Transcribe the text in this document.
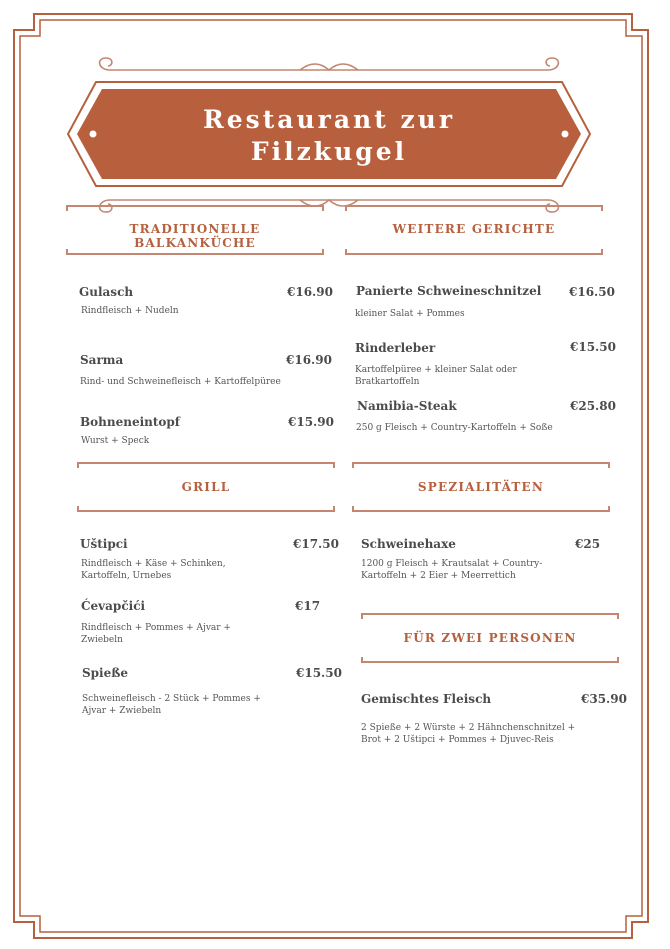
Restaurant zur
Filzkugel
TRADITIONELLE BALKANKÜCHE
Gulasch	€16.90
Rindfleisch + Nudeln
Sarma	€16.90
Rind- und Schweinefleisch + Kartoffelpüree
Bohneneintopf	€15.90
Wurst + Speck
WEITERE GERICHTE
Panierte Schweineschnitzel €16.50
kleiner Salat + Pommes
Rinderleber	€15.50
Kartoffelpüree + kleiner Salat oder
Bratkartoffeln
Namibia-Steak	€25.80
250 g Fleisch + Country-Kartoffeln + Soße
GRILL
Uštipci	€17.50
Rindfleisch + Käse + Schinken,
Kartoffeln, Urnebes
Ćevapčići	€17
Rindfleisch + Pommes + Ajvar +
Zwiebeln
Spieße	€15.50
Schweinefleisch - 2 Stück + Pommes +
Ajvar + Zwiebeln
SPEZIALITÄTEN
Schweinehaxe	€25
1200 g Fleisch + Krautsalat + Country-
Kartoffeln + 2 Eier + Meerrettich
FÜR ZWEI PERSONEN
Gemischtes Fleisch	€35.90
2 Spieße + 2 Würste + 2 Hähnchenschnitzel +
Brot + 2 Uštipci + Pommes + Djuvec-Reis
